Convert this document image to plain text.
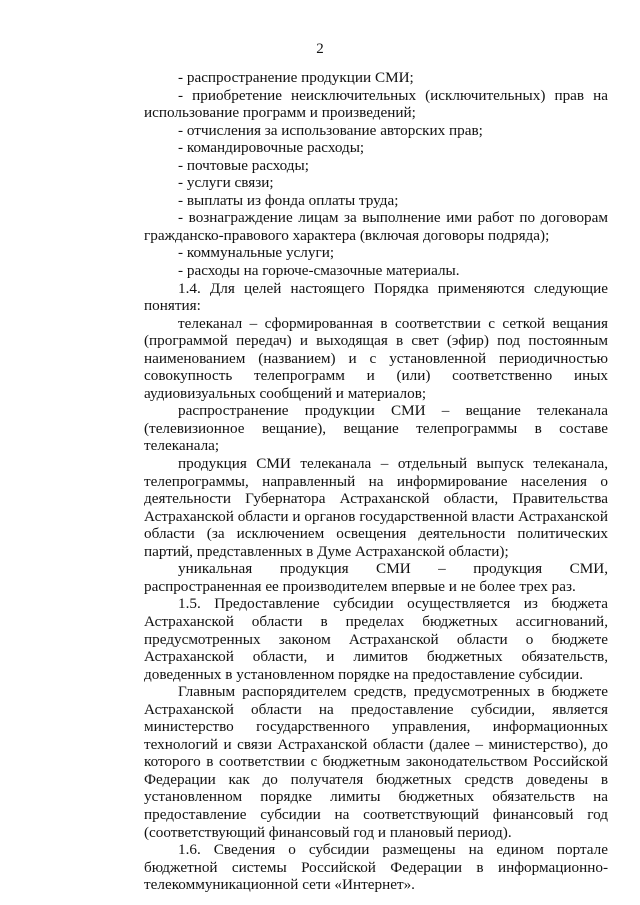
2

- распространение продукции СМИ;

- приобретение неисключительных (исключительных) прав на использование программ и произведений;

- отчисления за использование авторских прав;

- командировочные расходы;

- почтовые расходы;

- услуги связи;

- выплаты из фонда оплаты труда;

- вознаграждение лицам за выполнение ими работ по договорам гражданско-правового характера (включая договоры подряда);

- коммунальные услуги;

- расходы на горюче-смазочные материалы.

1.4. Для целей настоящего Порядка применяются следующие понятия:

телеканал – сформированная в соответствии с сеткой вещания (программой передач) и выходящая в свет (эфир) под постоянным наименованием (названием) и с установленной периодичностью совокупность телепрограмм и (или) соответственно иных аудиовизуальных сообщений и материалов;

распространение продукции СМИ – вещание телеканала (телевизионное вещание), вещание телепрограммы в составе телеканала;

продукция СМИ телеканала – отдельный выпуск телеканала, телепрограммы, направленный на информирование населения о деятельности Губернатора Астраханской области, Правительства Астраханской области и органов государственной власти Астраханской области (за исключением освещения деятельности политических партий, представленных в Думе Астраханской области);

уникальная продукция СМИ – продукция СМИ, распространенная ее производителем впервые и не более трех раз.

1.5. Предоставление субсидии осуществляется из бюджета Астраханской области в пределах бюджетных ассигнований, предусмотренных законом Астраханской области о бюджете Астраханской области, и лимитов бюджетных обязательств, доведенных в установленном порядке на предоставление субсидии.

Главным распорядителем средств, предусмотренных в бюджете Астраханской области на предоставление субсидии, является министерство государственного управления, информационных технологий и связи Астраханской области (далее – министерство), до которого в соответствии с бюджетным законодательством Российской Федерации как до получателя бюджетных средств доведены в установленном порядке лимиты бюджетных обязательств на предоставление субсидии на соответствующий финансовый год (соответствующий финансовый год и плановый период).

1.6. Сведения о субсидии размещены на едином портале бюджетной системы Российской Федерации в информационно-телекоммуникационной сети «Интернет».
